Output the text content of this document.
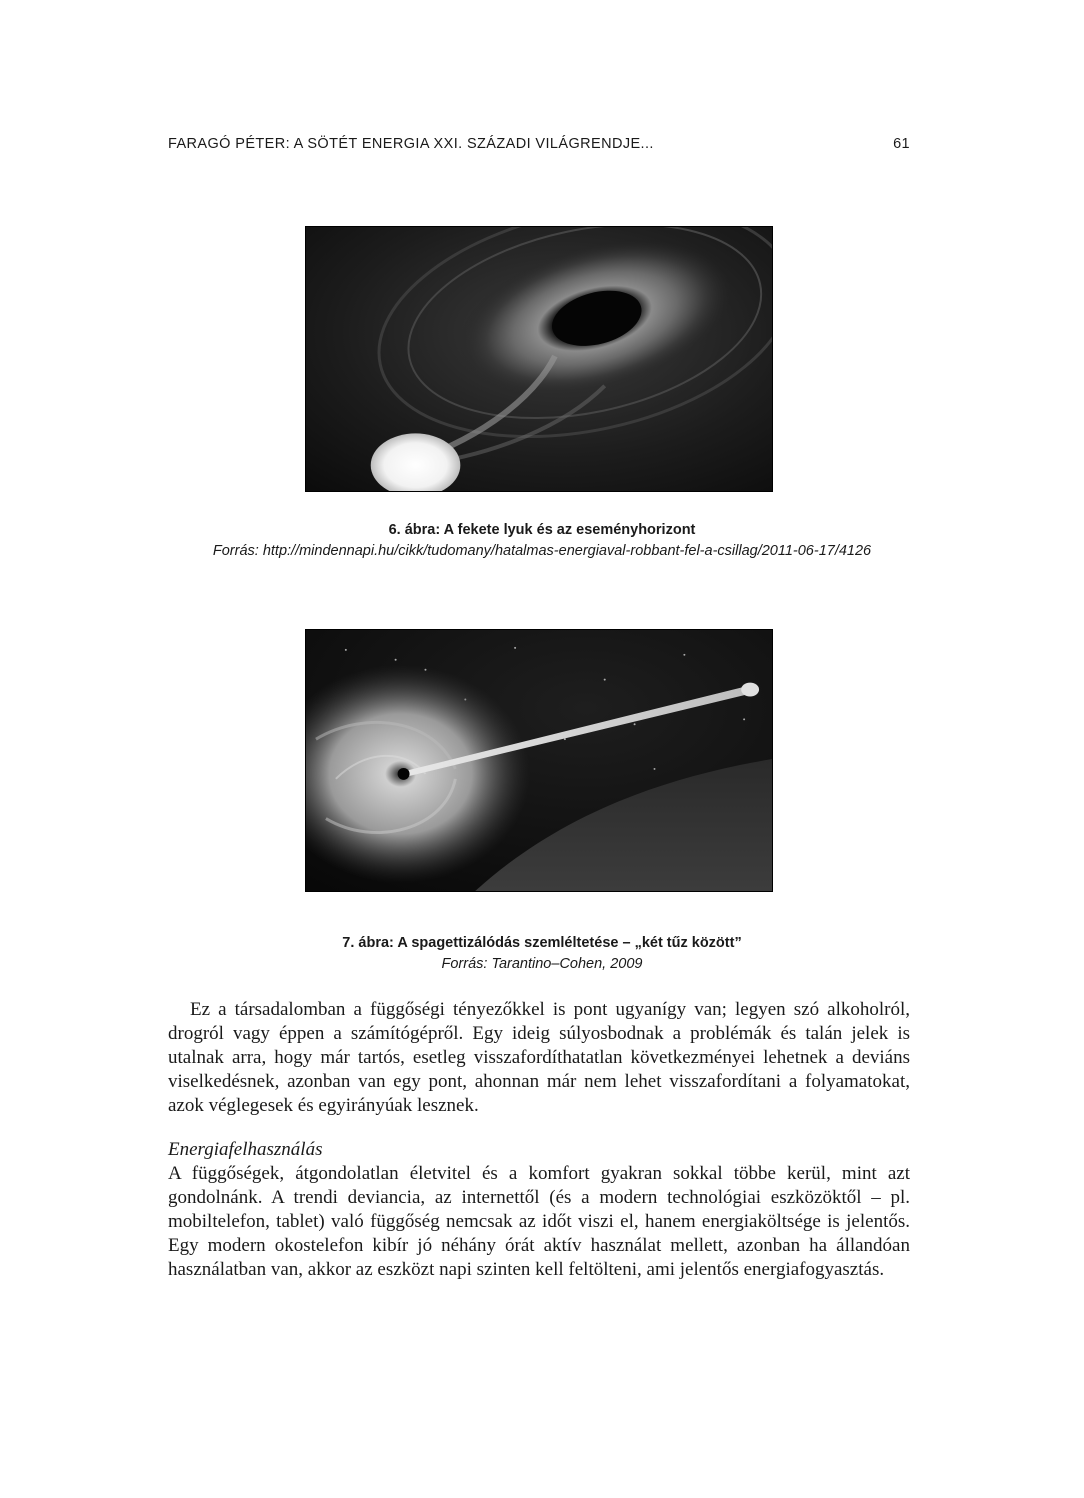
FARAGÓ PÉTER: A SÖTÉT ENERGIA XXI. SZÁZADI VILÁGRENDJE...	61
6. ábra: A fekete lyuk és az eseményhorizont
Forrás: http://mindennapi.hu/cikk/tudomany/hatalmas-energiaval-robbant-fel-a-csillag/2011-06-17/4126
7. ábra: A spagettizálódás szemléltetése – „két tűz között”
Forrás: Tarantino–Cohen, 2009

Ez a társadalomban a függőségi tényezőkkel is pont ugyanígy van; legyen szó alkoholról, drogról vagy éppen a számítógépről. Egy ideig súlyosbodnak a problémák és talán jelek is utalnak arra, hogy már tartós, esetleg visszafordíthatatlan következményei lehetnek a deviáns viselkedésnek, azonban van egy pont, ahonnan már nem lehet visszafordítani a folyamatokat, azok véglegesek és egyirányúak lesznek.

Energiafelhasználás

A függőségek, átgondolatlan életvitel és a komfort gyakran sokkal többe kerül, mint azt gondolnánk. A trendi deviancia, az internettől (és a modern technológiai eszközöktől – pl. mobiltelefon, tablet) való függőség nemcsak az időt viszi el, hanem energiaköltsége is jelentős. Egy modern okostelefon kibír jó néhány órát aktív használat mellett, azonban ha állandóan használatban van, akkor az eszközt napi szinten kell feltölteni, ami jelentős energiafogyasztás.
